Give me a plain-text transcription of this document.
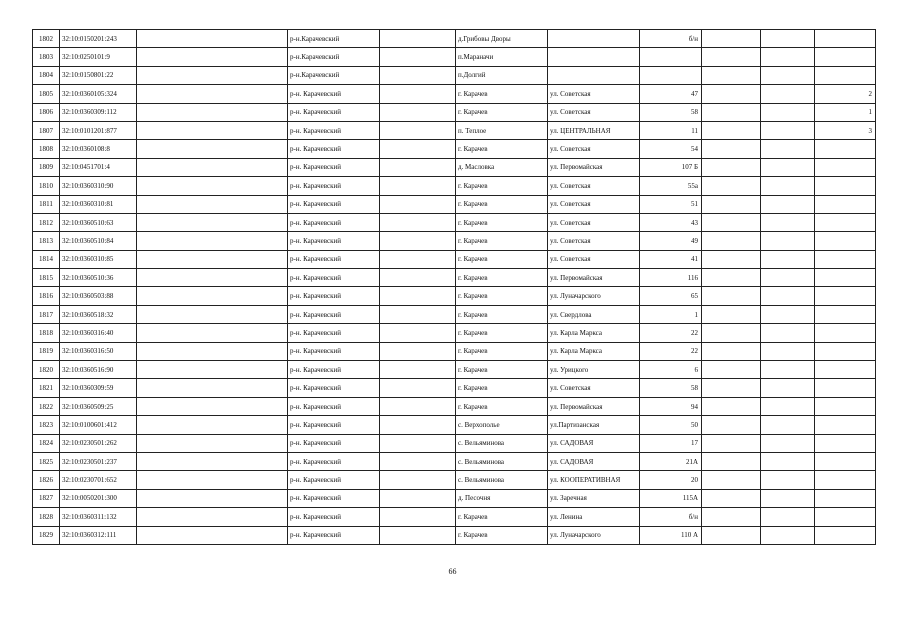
1802	32:10:0150201:243		р-н.Карачевский		д.Грибовы Дворы		б/н			
1803	32:10:0250101:9		р-н.Карачевский		п.Мараначи					
1804	32:10:0150801:22		р-н.Карачевский		п.Долгий					
1805	32:10:0360105:324		р-н. Карачевский		г. Карачев	ул. Советская	47			2
1806	32:10:0360309:112		р-н. Карачевский		г. Карачев	ул. Советская	58			1
1807	32:10:0101201:877		р-н. Карачевский		п. Теплое	ул. ЦЕНТРАЛЬНАЯ	11			3
1808	32:10:0360108:8		р-н. Карачевский		г. Карачев	ул. Советская	54			
1809	32:10:0451701:4		р-н. Карачевский		д. Масловка	ул. Первомайская	107 Б			
1810	32:10:0360310:90		р-н. Карачевский		г. Карачев	ул. Советская	55а			
1811	32:10:0360310:81		р-н. Карачевский		г. Карачев	ул. Советская	51			
1812	32:10:0360510:63		р-н. Карачевский		г. Карачев	ул. Советская	43			
1813	32:10:0360510:84		р-н. Карачевский		г. Карачев	ул. Советская	49			
1814	32:10:0360310:85		р-н. Карачевский		г. Карачев	ул. Советская	41			
1815	32:10:0360510:36		р-н. Карачевский		г. Карачев	ул. Первомайская	116			
1816	32:10:0360503:88		р-н. Карачевский		г. Карачев	ул. Луначарского	65			
1817	32:10:0360518:32		р-н. Карачевский		г. Карачев	ул. Свердлова	1			
1818	32:10:0360316:40		р-н. Карачевский		г. Карачев	ул. Карла Маркса	22			
1819	32:10:0360316:50		р-н. Карачевский		г. Карачев	ул. Карла Маркса	22			
1820	32:10:0360516:90		р-н. Карачевский		г. Карачев	ул. Урицкого	6			
1821	32:10:0360309:59		р-н. Карачевский		г. Карачев	ул. Советская	58			
1822	32:10:0360509:25		р-н. Карачевский		г. Карачев	ул. Первомайская	94			
1823	32:10:0100601:412		р-н. Карачевский		с. Верхополье	ул.Партизанская	50			
1824	32:10:0230501:262		р-н. Карачевский		с. Вельяминова	ул. САДОВАЯ	17			
1825	32:10:0230501:237		р-н. Карачевский		с. Вельяминова	ул. САДОВАЯ	21А			
1826	32:10:0230701:652		р-н. Карачевский		с. Вельяминова	ул. КООПЕРАТИВНАЯ	20			
1827	32:10:0050201:300		р-н. Карачевский		д. Песочня	ул. Заречная	115А			
1828	32:10:0360311:132		р-н. Карачевский		г. Карачев	ул. Ленина	б/н			
1829	32:10:0360312:111		р-н. Карачевский		г. Карачев	ул. Луначарского	110 А			
66
